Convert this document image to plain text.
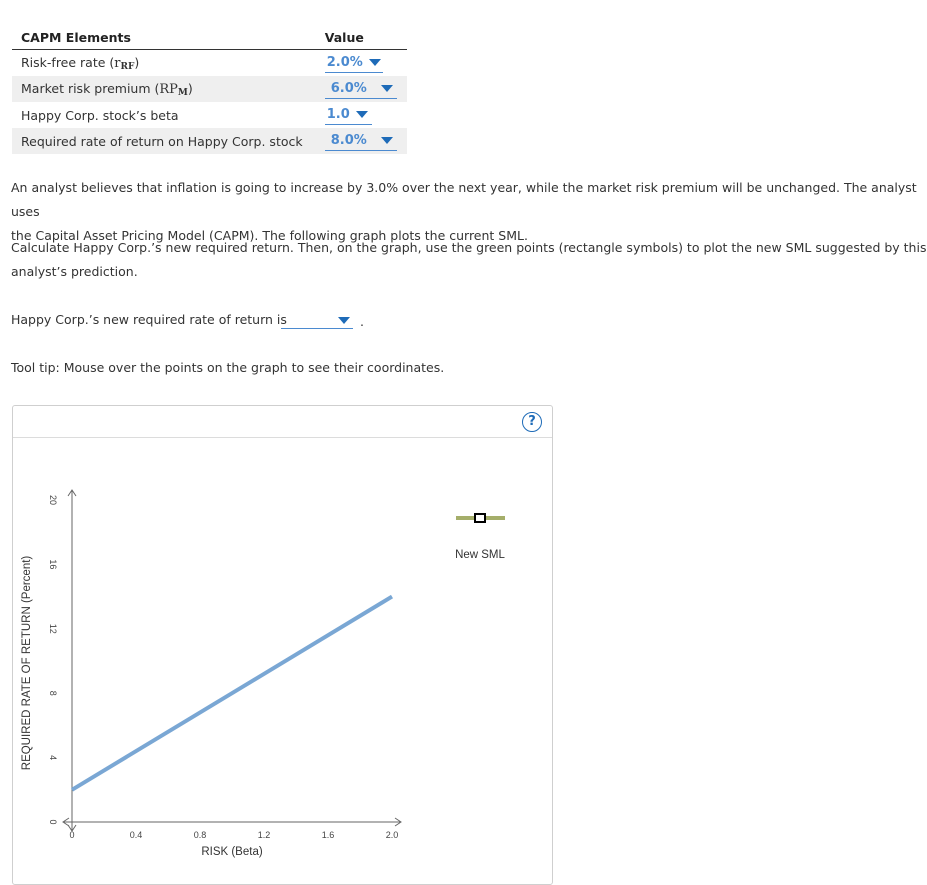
CAPM Elements	Value
Risk-free rate (rRF)	2.0%

Market risk premium (RPM)	6.0%

Happy Corp. stock’s beta	1.0

Required rate of return on Happy Corp. stock	8.0%
An analyst believes that inflation is going to increase by 3.0% over the next year, while the market risk premium will be unchanged. The analyst uses
the Capital Asset Pricing Model (CAPM). The following graph plots the current SML.
Calculate Happy Corp.’s new required return. Then, on the graph, use the green points (rectangle symbols) to plot the new SML suggested by this
analyst’s prediction.
Happy Corp.’s new required rate of return is	.
Tool tip: Mouse over the points on the graph to see their coordinates.
?
0	0.4	0.8	1.2	1.6	2.0
0
4
8
12
16
20
REQUIRED RATE OF RETURN (Percent)
RISK (Beta)
New SML
